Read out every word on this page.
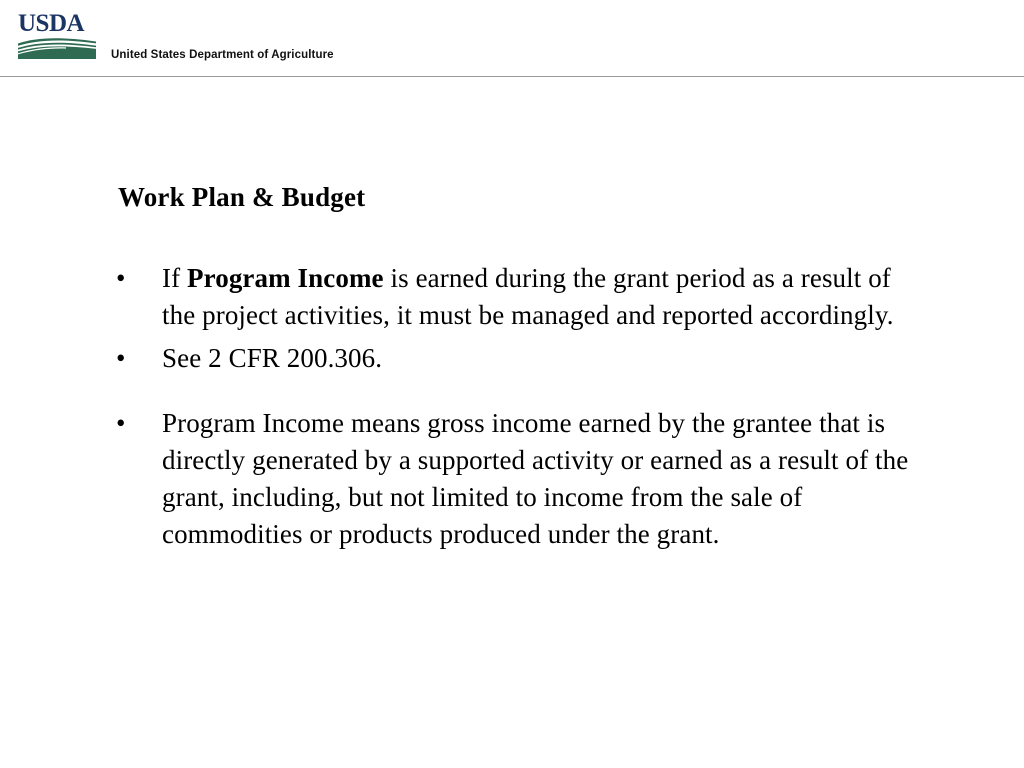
USDA
United States Department of Agriculture
Work Plan & Budget
•	If Program Income is earned during the grant period as a result of the project activities, it must be managed and reported accordingly.
•	See 2 CFR 200.306.
•	Program Income means gross income earned by the grantee that is directly generated by a supported activity or earned as a result of the grant, including, but not limited to income from the sale of commodities or products produced under the grant.
